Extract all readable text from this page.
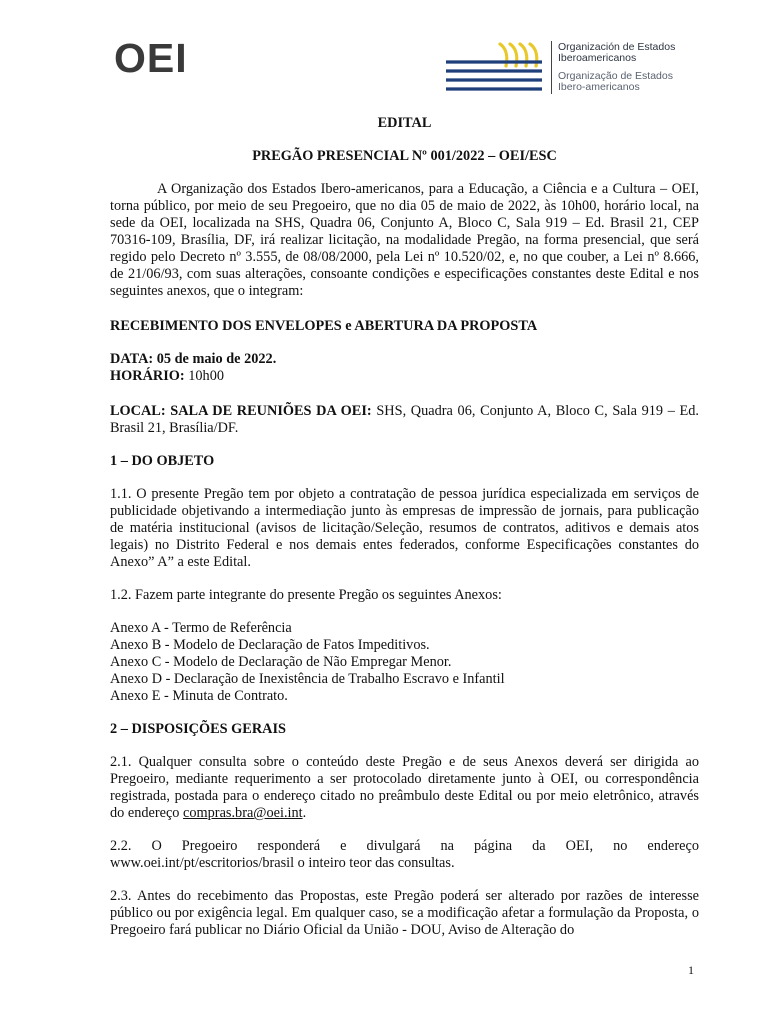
OEI	Organización de Estados
Iberoamericanos
Organização de Estados
Ibero-americanos

EDITAL

PREGÃO PRESENCIAL Nº 001/2022 – OEI/ESC

A Organização dos Estados Ibero-americanos, para a Educação, a Ciência e a Cultura – OEI, torna público, por meio de seu Pregoeiro, que no dia 05 de maio de 2022, às 10h00, horário local, na sede da OEI, localizada na SHS, Quadra 06, Conjunto A, Bloco C, Sala 919 – Ed. Brasil 21, CEP 70316-109, Brasília, DF, irá realizar licitação, na modalidade Pregão, na forma presencial, que será regido pelo Decreto nº 3.555, de 08/08/2000, pela Lei nº 10.520/02, e, no que couber, a Lei nº 8.666, de 21/06/93, com suas alterações, consoante condições e especificações constantes deste Edital e nos seguintes anexos, que o integram:

RECEBIMENTO DOS ENVELOPES e ABERTURA DA PROPOSTA

DATA: 05 de maio de 2022.
HORÁRIO: 10h00

LOCAL: SALA DE REUNIÕES DA OEI: SHS, Quadra 06, Conjunto A, Bloco C, Sala 919 – Ed. Brasil 21, Brasília/DF.

1 – DO OBJETO

1.1. O presente Pregão tem por objeto a contratação de pessoa jurídica especializada em serviços de publicidade objetivando a intermediação junto às empresas de impressão de jornais, para publicação de matéria institucional (avisos de licitação/Seleção, resumos de contratos, aditivos e demais atos legais) no Distrito Federal e nos demais entes federados, conforme Especificações constantes do Anexo” A” a este Edital.

1.2. Fazem parte integrante do presente Pregão os seguintes Anexos:

Anexo A - Termo de Referência
Anexo B - Modelo de Declaração de Fatos Impeditivos.
Anexo C - Modelo de Declaração de Não Empregar Menor.
Anexo D - Declaração de Inexistência de Trabalho Escravo e Infantil
Anexo E - Minuta de Contrato.

2 – DISPOSIÇÕES GERAIS

2.1. Qualquer consulta sobre o conteúdo deste Pregão e de seus Anexos deverá ser dirigida ao Pregoeiro, mediante requerimento a ser protocolado diretamente junto à OEI, ou correspondência registrada, postada para o endereço citado no preâmbulo deste Edital ou por meio eletrônico, através do endereço compras.bra@oei.int.

2.2. O Pregoeiro responderá e divulgará na página da OEI, no endereço www.oei.int/pt/escritorios/brasil o inteiro teor das consultas.

2.3. Antes do recebimento das Propostas, este Pregão poderá ser alterado por razões de interesse público ou por exigência legal. Em qualquer caso, se a modificação afetar a formulação da Proposta, o Pregoeiro fará publicar no Diário Oficial da União - DOU, Aviso de Alteração do

1
